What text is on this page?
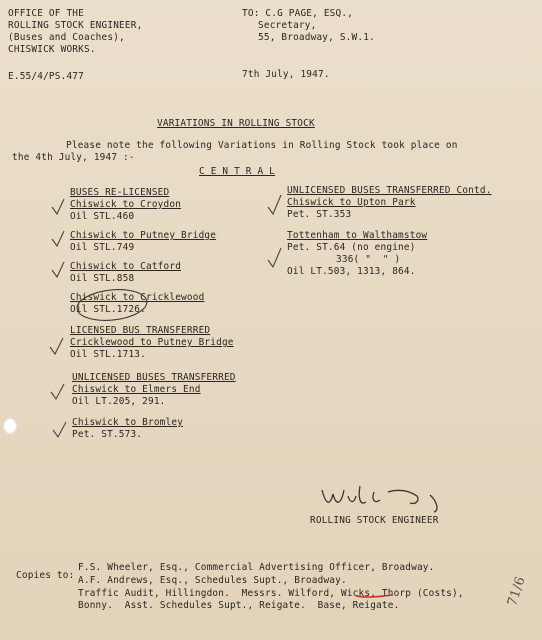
OFFICE OF THE
ROLLING STOCK ENGINEER,
(Buses and Coaches),
CHISWICK WORKS.
TO: C.G PAGE, ESQ.,
Secretary,
55, Broadway, S.W.1.
E.55/4/PS.477	7th July, 1947.
VARIATIONS IN ROLLING STOCK
Please note the following Variations in Rolling Stock took place on
the 4th July, 1947 :-
C E N T R A L
BUSES RE-LICENSED
Chiswick to Croydon
Oil STL.460
Chiswick to Putney Bridge
Oil STL.749
Chiswick to Catford
Oil STL.858
Chiswick to Cricklewood
Oil STL.1726.
LICENSED BUS TRANSFERRED
Cricklewood to Putney Bridge
Oil STL.1713.
UNLICENSED BUSES TRANSFERRED
Chiswick to Elmers End
Oil LT.205, 291.
Chiswick to Bromley
Pet. ST.573.
UNLICENSED BUSES TRANSFERRED Contd.
Chiswick to Upton Park
Pet. ST.353
Tottenham to Walthamstow
Pet. ST.64 (no engine)
336( "  " )
Oil LT.503, 1313, 864.
ROLLING STOCK ENGINEER
Copies to:
F.S. Wheeler, Esq., Commercial Advertising Officer, Broadway.
A.F. Andrews, Esq., Schedules Supt., Broadway.
Traffic Audit, Hillingdon.  Messrs. Wilford, Wicks, Thorp (Costs),
Bonny.  Asst. Schedules Supt., Reigate.  Base, Reigate.	71/6
